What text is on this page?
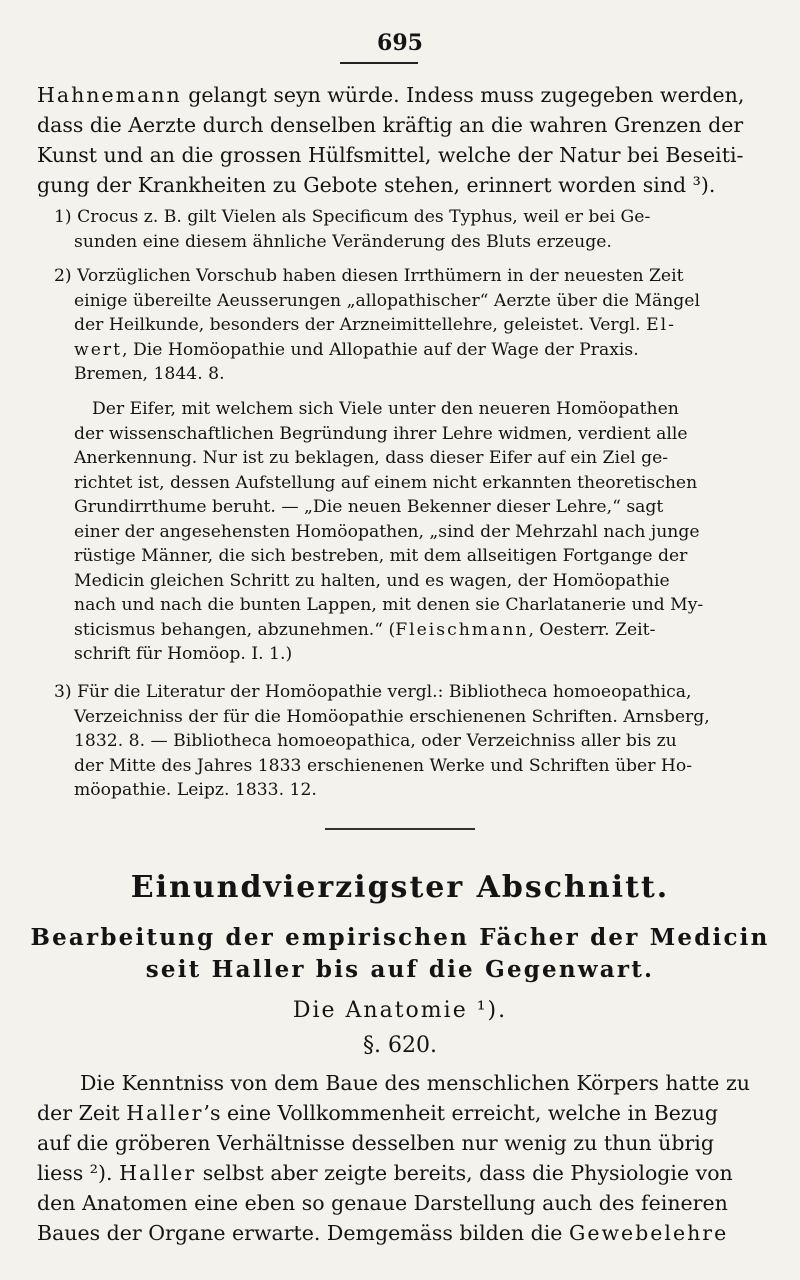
695
Hahnemann gelangt seyn würde. Indess muss zugegeben werden,
dass die Aerzte durch denselben kräftig an die wahren Grenzen der
Kunst und an die grossen Hülfsmittel, welche der Natur bei Beseiti-
gung der Krankheiten zu Gebote stehen, erinnert worden sind ³).
1) Crocus z. B. gilt Vielen als Specificum des Typhus, weil er bei Ge-
sunden eine diesem ähnliche Veränderung des Bluts erzeuge.
2) Vorzüglichen Vorschub haben diesen Irrthümern in der neuesten Zeit
einige übereilte Aeusserungen „allopathischer“ Aerzte über die Mängel
der Heilkunde, besonders der Arzneimittellehre, geleistet. Vergl. El-
wert, Die Homöopathie und Allopathie auf der Wage der Praxis.
Bremen, 1844. 8.
Der Eifer, mit welchem sich Viele unter den neueren Homöopathen
der wissenschaftlichen Begründung ihrer Lehre widmen, verdient alle
Anerkennung. Nur ist zu beklagen, dass dieser Eifer auf ein Ziel ge-
richtet ist, dessen Aufstellung auf einem nicht erkannten theoretischen
Grundirrthume beruht. — „Die neuen Bekenner dieser Lehre,“ sagt
einer der angesehensten Homöopathen, „sind der Mehrzahl nach junge
rüstige Männer, die sich bestreben, mit dem allseitigen Fortgange der
Medicin gleichen Schritt zu halten, und es wagen, der Homöopathie
nach und nach die bunten Lappen, mit denen sie Charlatanerie und My-
sticismus behangen, abzunehmen.“ (Fleischmann, Oesterr. Zeit-
schrift für Homöop. I. 1.)
3) Für die Literatur der Homöopathie vergl.: Bibliotheca homoeopathica,
Verzeichniss der für die Homöopathie erschienenen Schriften. Arnsberg,
1832. 8. — Bibliotheca homoeopathica, oder Verzeichniss aller bis zu
der Mitte des Jahres 1833 erschienenen Werke und Schriften über Ho-
möopathie. Leipz. 1833. 12.
Einundvierzigster Abschnitt.
Bearbeitung der empirischen Fächer der Medicin
seit Haller bis auf die Gegenwart.
Die Anatomie ¹).
§. 620.
Die Kenntniss von dem Baue des menschlichen Körpers hatte zu
der Zeit Haller’s eine Vollkommenheit erreicht, welche in Bezug
auf die gröberen Verhältnisse desselben nur wenig zu thun übrig
liess ²). Haller selbst aber zeigte bereits, dass die Physiologie von
den Anatomen eine eben so genaue Darstellung auch des feineren
Baues der Organe erwarte. Demgemäss bilden die Gewebelehre
